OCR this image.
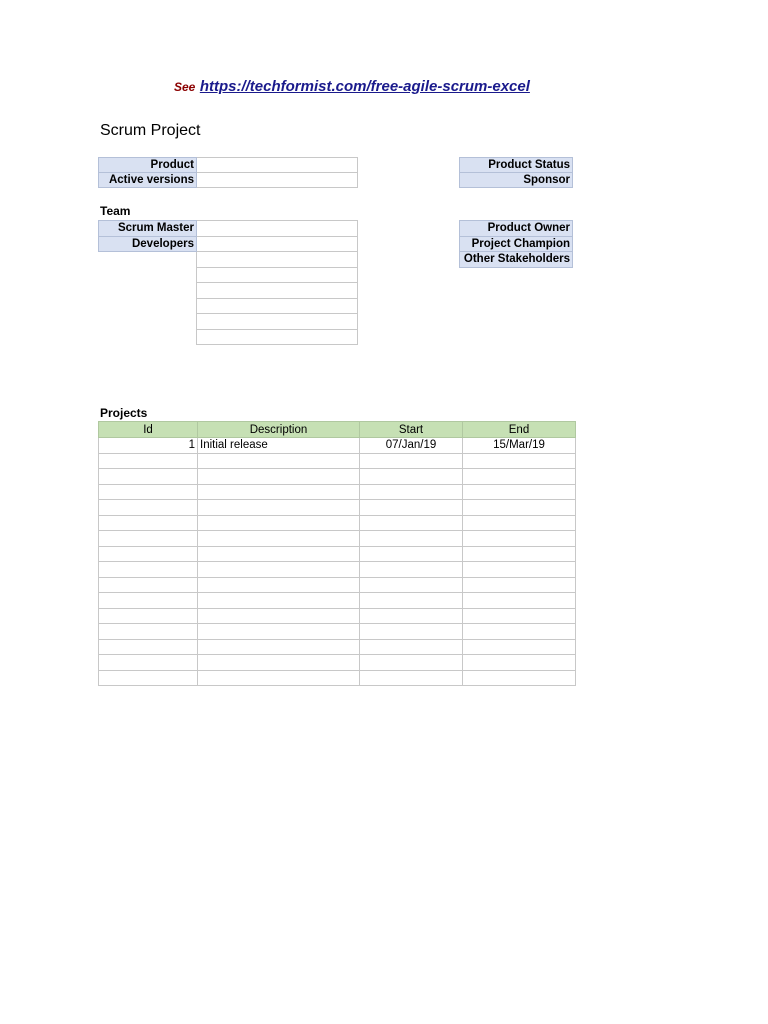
See https://techformist.com/free-agile-scrum-excel
Scrum Project
Product	
Active versions	
Product Status
Sponsor
Team
Scrum Master	
Developers	

Product Owner
Project Champion
Other Stakeholders
Projects
Id	Description	Start	End
1	Initial release	07/Jan/19	15/Mar/19
